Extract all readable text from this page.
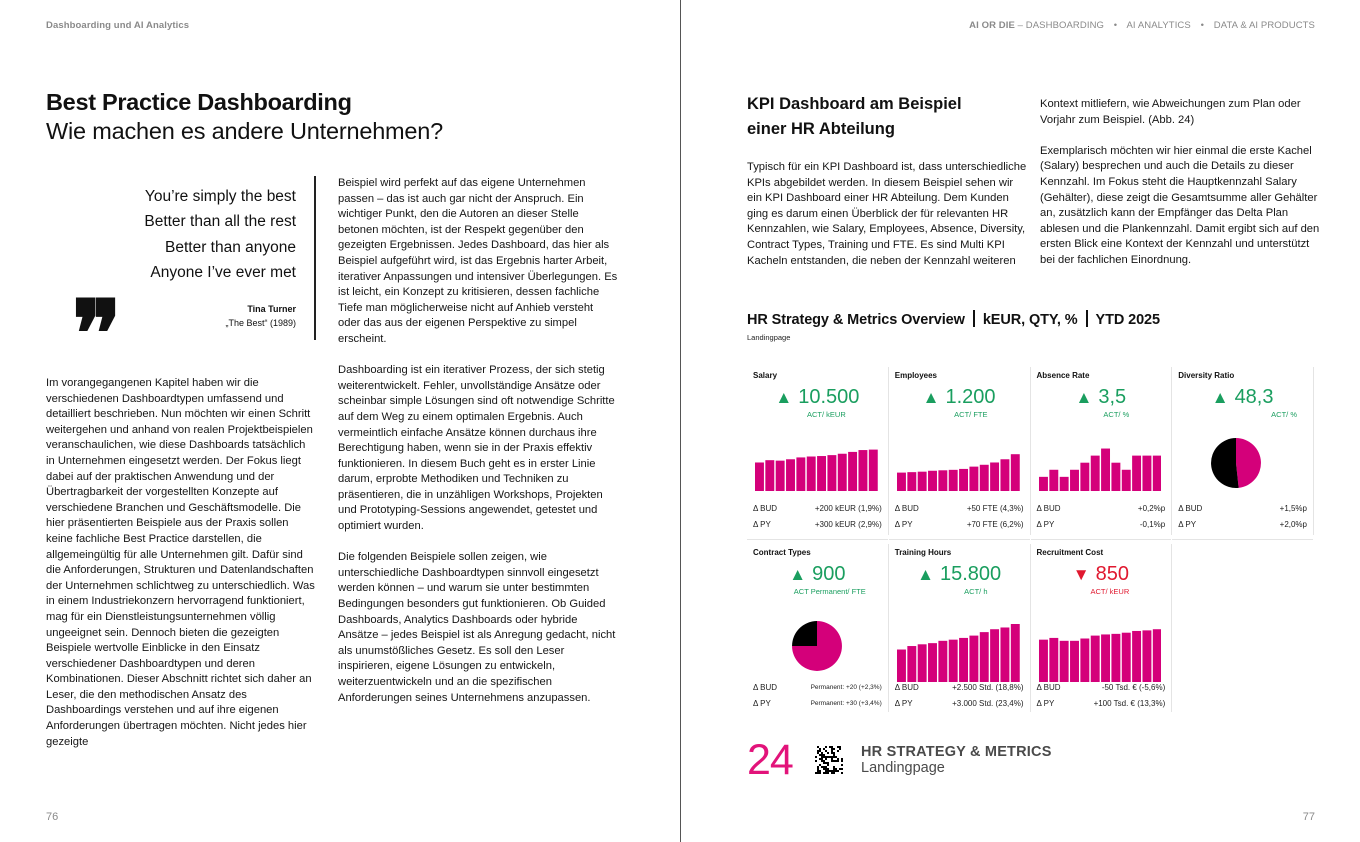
Dashboarding und AI Analytics
Best Practice Dashboarding
Wie machen es andere Unternehmen?
You’re simply the best
Better than all the rest
Better than anyone
Anyone I’ve ever met
❞	Tina Turner
„The Best“ (1989)

Im vorangegangenen Kapitel haben wir die verschiedenen Dashboardtypen umfassend und detailliert beschrieben. Nun möchten wir einen Schritt weitergehen und anhand von realen Projektbeispielen veranschaulichen, wie diese Dashboards tatsächlich in Unternehmen eingesetzt werden. Der Fokus liegt dabei auf der praktischen Anwendung und der Übertragbarkeit der vorgestellten Konzepte auf verschiedene Branchen und Geschäftsmodelle. Die hier präsentierten Beispiele aus der Praxis sollen keine fachliche Best Practice darstellen, die allgemeingültig für alle Unternehmen gilt. Dafür sind die Anforderungen, Strukturen und Datenlandschaften der Unternehmen schlichtweg zu unterschiedlich. Was in einem Industriekonzern hervorragend funktioniert, mag für ein Dienstleistungsunternehmen völlig ungeeignet sein. Dennoch bieten die gezeigten Beispiele wertvolle Einblicke in den Einsatz verschiedener Dashboardtypen und deren Kombinationen. Dieser Abschnitt richtet sich daher an Leser, die den methodischen Ansatz des Dashboardings verstehen und auf ihre eigenen Anforderungen übertragen möchten. Nicht jedes hier gezeigte

Beispiel wird perfekt auf das eigene Unternehmen passen – das ist auch gar nicht der Anspruch. Ein wichtiger Punkt, den die Autoren an dieser Stelle betonen möchten, ist der Respekt gegenüber den gezeigten Ergebnissen. Jedes Dashboard, das hier als Beispiel aufgeführt wird, ist das Ergebnis harter Arbeit, iterativer Anpassungen und intensiver Überlegungen. Es ist leicht, ein Konzept zu kritisieren, dessen fachliche Tiefe man möglicherweise nicht auf Anhieb versteht oder das aus der eigenen Perspektive zu simpel erscheint.

Dashboarding ist ein iterativer Prozess, der sich stetig weiterentwickelt. Fehler, unvollständige Ansätze oder scheinbar simple Lösungen sind oft notwendige Schritte auf dem Weg zu einem optimalen Ergebnis. Auch vermeintlich einfache Ansätze können durchaus ihre Berechtigung haben, wenn sie in der Praxis effektiv funktionieren. In diesem Buch geht es in erster Linie darum, erprobte Methodiken und Techniken zu präsentieren, die in unzähligen Workshops, Projekten und Prototyping-Sessions angewendet, getestet und optimiert wurden.

Die folgenden Beispiele sollen zeigen, wie unterschiedliche Dashboardtypen sinnvoll eingesetzt werden können – und warum sie unter bestimmten Bedingungen besonders gut funktionieren. Ob Guided Dashboards, Analytics Dashboards oder hybride Ansätze – jedes Beispiel ist als Anregung gedacht, nicht als unumstößliches Gesetz. Es soll den Leser inspirieren, eigene Lösungen zu entwickeln, weiterzuentwickeln und an die spezifischen Anforderungen seines Unternehmens anzupassen.

76
AI OR DIE – DASHBOARDING • AI ANALYTICS • DATA & AI PRODUCTS
77
KPI Dashboard am Beispiel
einer HR Abteilung

Typisch für ein KPI Dashboard ist, dass unterschiedliche KPIs abgebildet werden. In diesem Beispiel sehen wir ein KPI Dashboard einer HR Abteilung. Dem Kunden ging es darum einen Überblick der für relevanten HR Kennzahlen, wie Salary, Employees, Absence, Diversity, Contract Types, Training und FTE. Es sind Multi KPI Kacheln entstanden, die neben der Kennzahl weiteren

Kontext mitliefern, wie Abweichungen zum Plan oder Vorjahr zum Beispiel. (Abb. 24)

Exemplarisch möchten wir hier einmal die erste Kachel (Salary) besprechen und auch die Details zu dieser Kennzahl. Im Fokus steht die Hauptkennzahl Salary (Gehälter), diese zeigt die Gesamtsumme aller Gehälter an, zusätzlich kann der Empfänger das Delta Plan ablesen und die Plankennzahl. Damit ergibt sich auf den ersten Blick eine Kontext der Kennzahl und unterstützt bei der fachlichen Einordnung.

HR Strategy & Metrics Overview kEUR, QTY, % YTD 2025
Landingpage
Salary
▲ 10.500
ACT/ kEUR
Δ BUD	+200 kEUR (1,9%)
Δ PY	+300 kEUR (2,9%)
Employees
▲ 1.200
ACT/ FTE
Δ BUD	+50 FTE (4,3%)
Δ PY	+70 FTE (6,2%)
Absence Rate
▲ 3,5
ACT/ %
Δ BUD	+0,2%p
Δ PY	-0,1%p
Diversity Ratio
▲ 48,3
ACT/ %
Δ BUD	+1,5%p
Δ PY	+2,0%p
Contract Types
▲ 900
ACT Permanent/ FTE
Δ BUD	Permanent: +20 (+2,3%)
Δ PY	Permanent: +30 (+3,4%)
Training Hours
▲ 15.800
ACT/ h
Δ BUD	+2.500 Std. (18,8%)
Δ PY	+3.000 Std. (23,4%)
Recruitment Cost
▼ 850
ACT/ kEUR
Δ BUD	-50 Tsd. € (-5,6%)
Δ PY	+100 Tsd. € (13,3%)
24	HR STRATEGY & METRICS
Landingpage
